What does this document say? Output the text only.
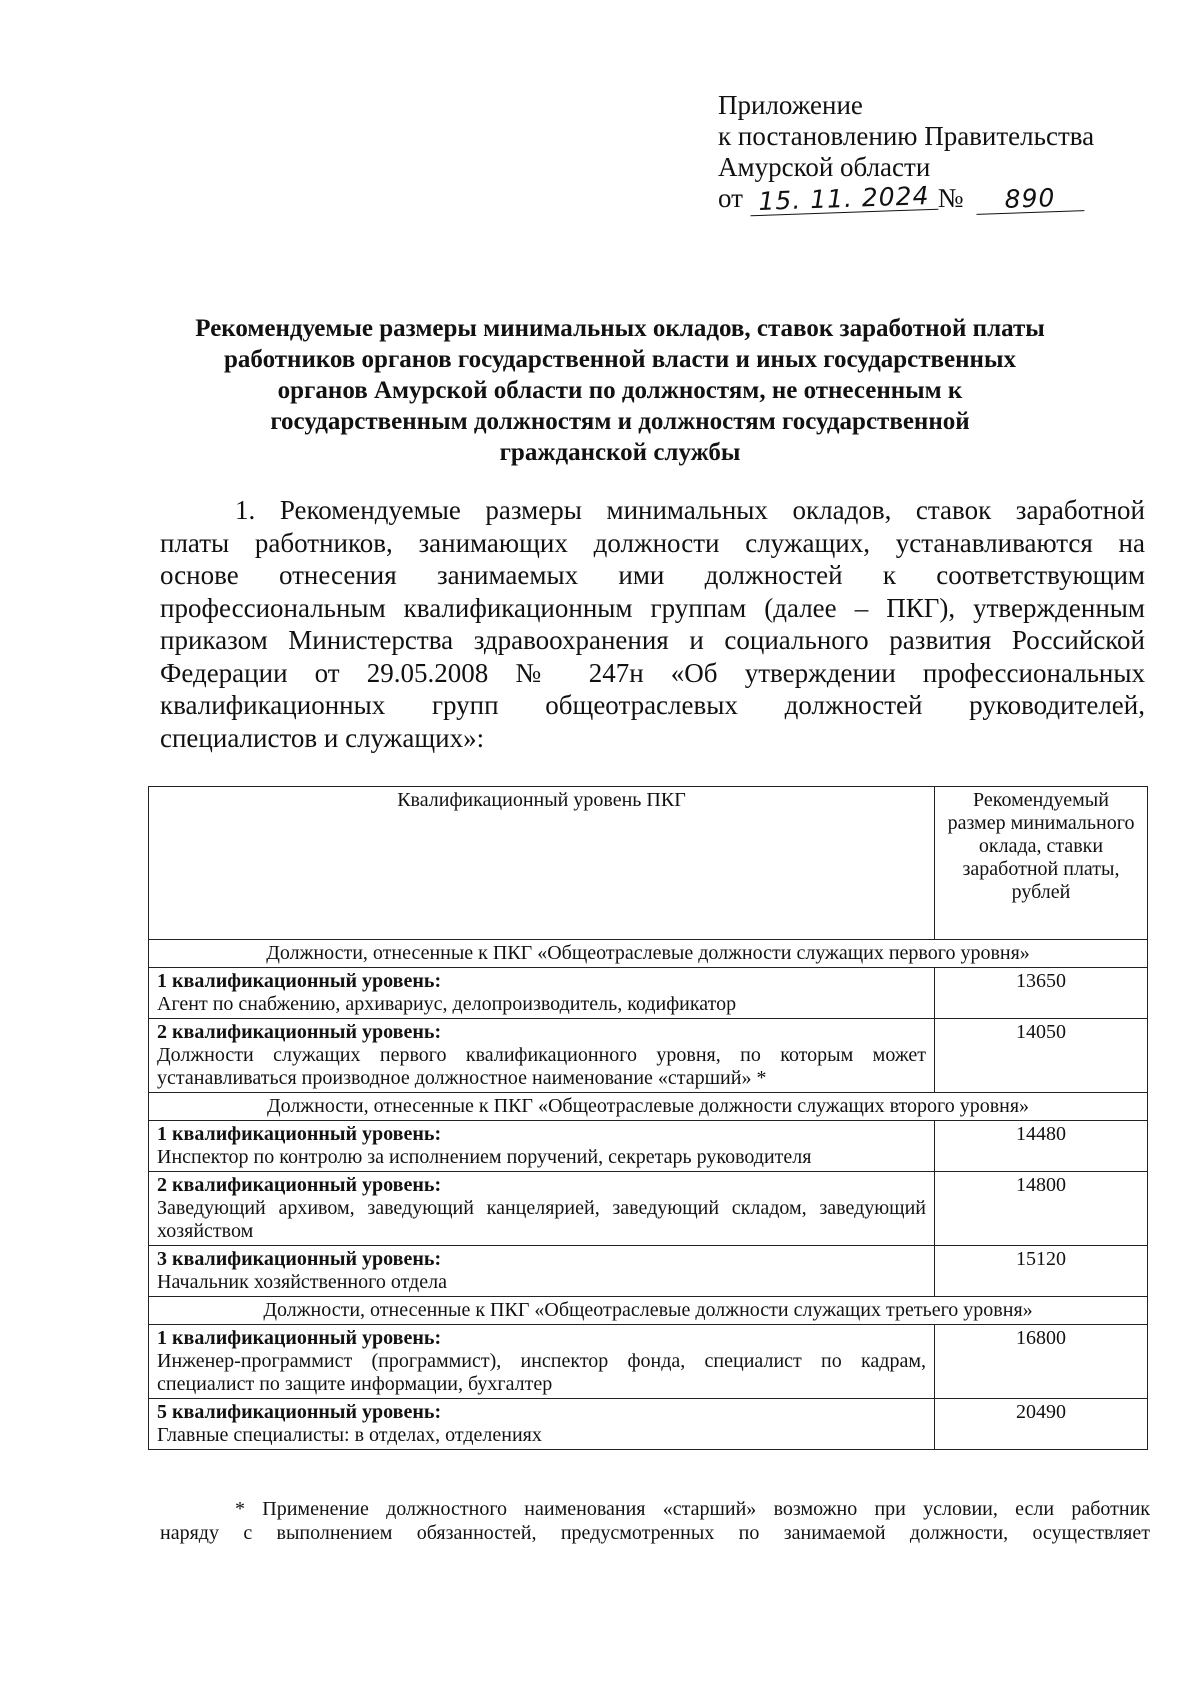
Приложение
к постановлению Правительства
Амурской области
от 15. 11. 2024 № 890
Рекомендуемые размеры минимальных окладов, ставок заработной платы
работников органов государственной власти и иных государственных
органов Амурской области по должностям, не отнесенным к
государственным должностям и должностям государственной
гражданской службы
1. Рекомендуемые размеры минимальных окладов, ставок заработной
платы работников, занимающих должности служащих, устанавливаются на
основе отнесения занимаемых ими должностей к соответствующим
профессиональным квалификационным группам (далее – ПКГ), утвержденным
приказом Министерства здравоохранения и социального развития Российской
Федерации от 29.05.2008 № 247н «Об утверждении профессиональных
квалификационных групп общеотраслевых должностей руководителей,
специалистов и служащих»:
Квалификационный уровень ПКГ	Рекомендуемый размер минимального оклада, ставки заработной платы, рублей
Должности, отнесенные к ПКГ «Общеотраслевые должности служащих первого уровня»	

1 квалификационный уровень:
Агент по снабжению, архивариус, делопроизводитель, кодификатор	13650

2 квалификационный уровень:
Должности служащих первого квалификационного уровня, по которым может устанавливаться производное должностное наименование «старший» *	14050
Должности, отнесенные к ПКГ «Общеотраслевые должности служащих второго уровня»	

1 квалификационный уровень:
Инспектор по контролю за исполнением поручений, секретарь руководителя	14480

2 квалификационный уровень:
Заведующий архивом, заведующий канцелярией, заведующий складом, заведующий хозяйством	14800

3 квалификационный уровень:
Начальник хозяйственного отдела	15120
Должности, отнесенные к ПКГ «Общеотраслевые должности служащих третьего уровня»	

1 квалификационный уровень:
Инженер-программист (программист), инспектор фонда, специалист по кадрам, специалист по защите информации, бухгалтер	16800

5 квалификационный уровень:
Главные специалисты: в отделах, отделениях	20490
* Применение должностного наименования «старший» возможно при условии, если работник
наряду с выполнением обязанностей, предусмотренных по занимаемой должности, осуществляет
